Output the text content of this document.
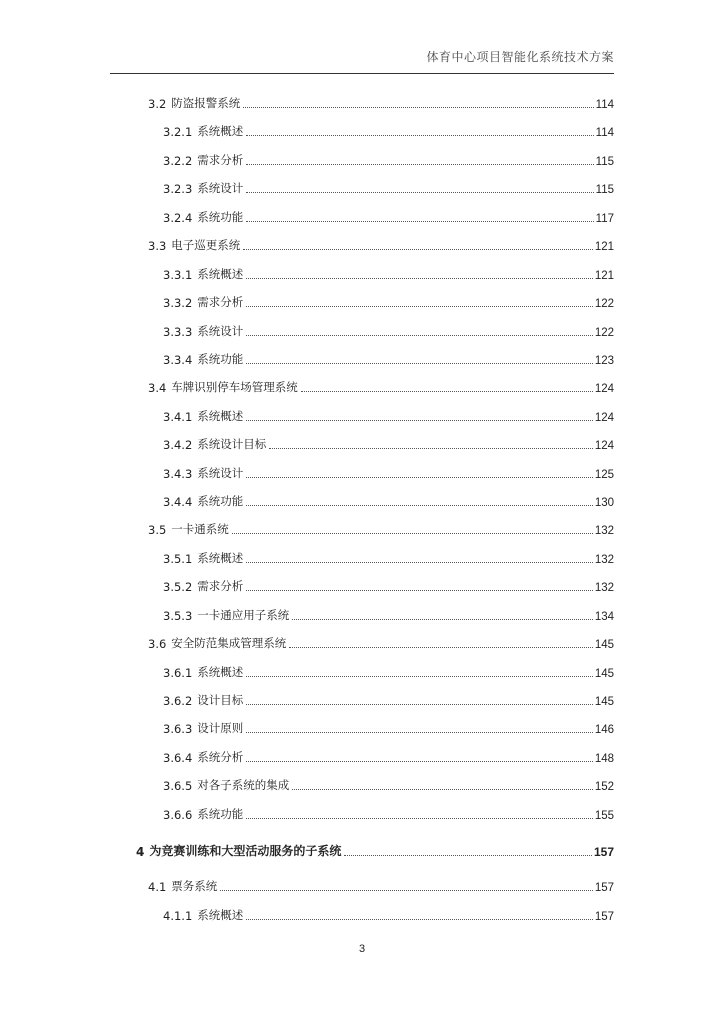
体育中心项目智能化系统技术方案
3.2 防盗报警系统	114
3.2.1 系统概述	114
3.2.2 需求分析	115
3.2.3 系统设计	115
3.2.4 系统功能	117
3.3 电子巡更系统	121
3.3.1 系统概述	121
3.3.2 需求分析	122
3.3.3 系统设计	122
3.3.4 系统功能	123
3.4 车牌识别停车场管理系统	124
3.4.1 系统概述	124
3.4.2 系统设计目标	124
3.4.3 系统设计	125
3.4.4 系统功能	130
3.5 一卡通系统	132
3.5.1 系统概述	132
3.5.2 需求分析	132
3.5.3 一卡通应用子系统	134
3.6 安全防范集成管理系统	145
3.6.1 系统概述	145
3.6.2 设计目标	145
3.6.3 设计原则	146
3.6.4 系统分析	148
3.6.5 对各子系统的集成	152
3.6.6 系统功能	155
4 为竞赛训练和大型活动服务的子系统	157
4.1 票务系统	157
4.1.1 系统概述	157
3
